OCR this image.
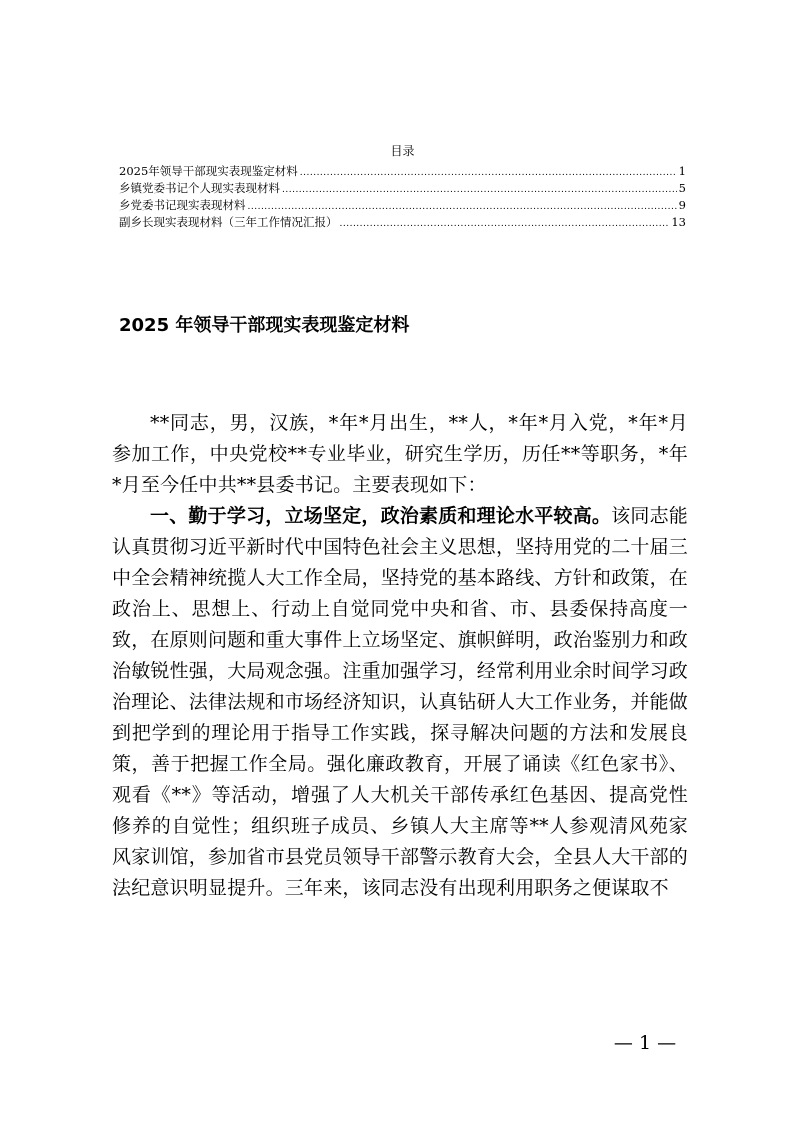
目录
2025年领导干部现实表现鉴定材料 .....	1
乡镇党委书记个人现实表现材料 .....	5
乡党委书记现实表现材料 .....	9
副乡长现实表现材料（三年工作情况汇报） .....	13
2025 年领导干部现实表现鉴定材料

**同志，男，汉族，*年*月出生，**人，*年*月入党，*年*月参加工作，中央党校**专业毕业，研究生学历，历任**等职务，*年*月至今任中共**县委书记。主要表现如下：

一、勤于学习，立场坚定，政治素质和理论水平较高。该同志能认真贯彻习近平新时代中国特色社会主义思想，坚持用党的二十届三中全会精神统揽人大工作全局，坚持党的基本路线、方针和政策，在政治上、思想上、行动上自觉同党中央和省、市、县委保持高度一致，在原则问题和重大事件上立场坚定、旗帜鲜明，政治鉴别力和政治敏锐性强，大局观念强。注重加强学习，经常利用业余时间学习政治理论、法律法规和市场经济知识，认真钻研人大工作业务，并能做到把学到的理论用于指导工作实践，探寻解决问题的方法和发展良策，善于把握工作全局。强化廉政教育，开展了诵读《红色家书》、观看《**》等活动，增强了人大机关干部传承红色基因、提高党性修养的自觉性；组织班子成员、乡镇人大主席等**人参观清风苑家风家训馆，参加省市县党员领导干部警示教育大会，全县人大干部的法纪意识明显提升。三年来，该同志没有出现利用职务之便谋取不

— 1 —
